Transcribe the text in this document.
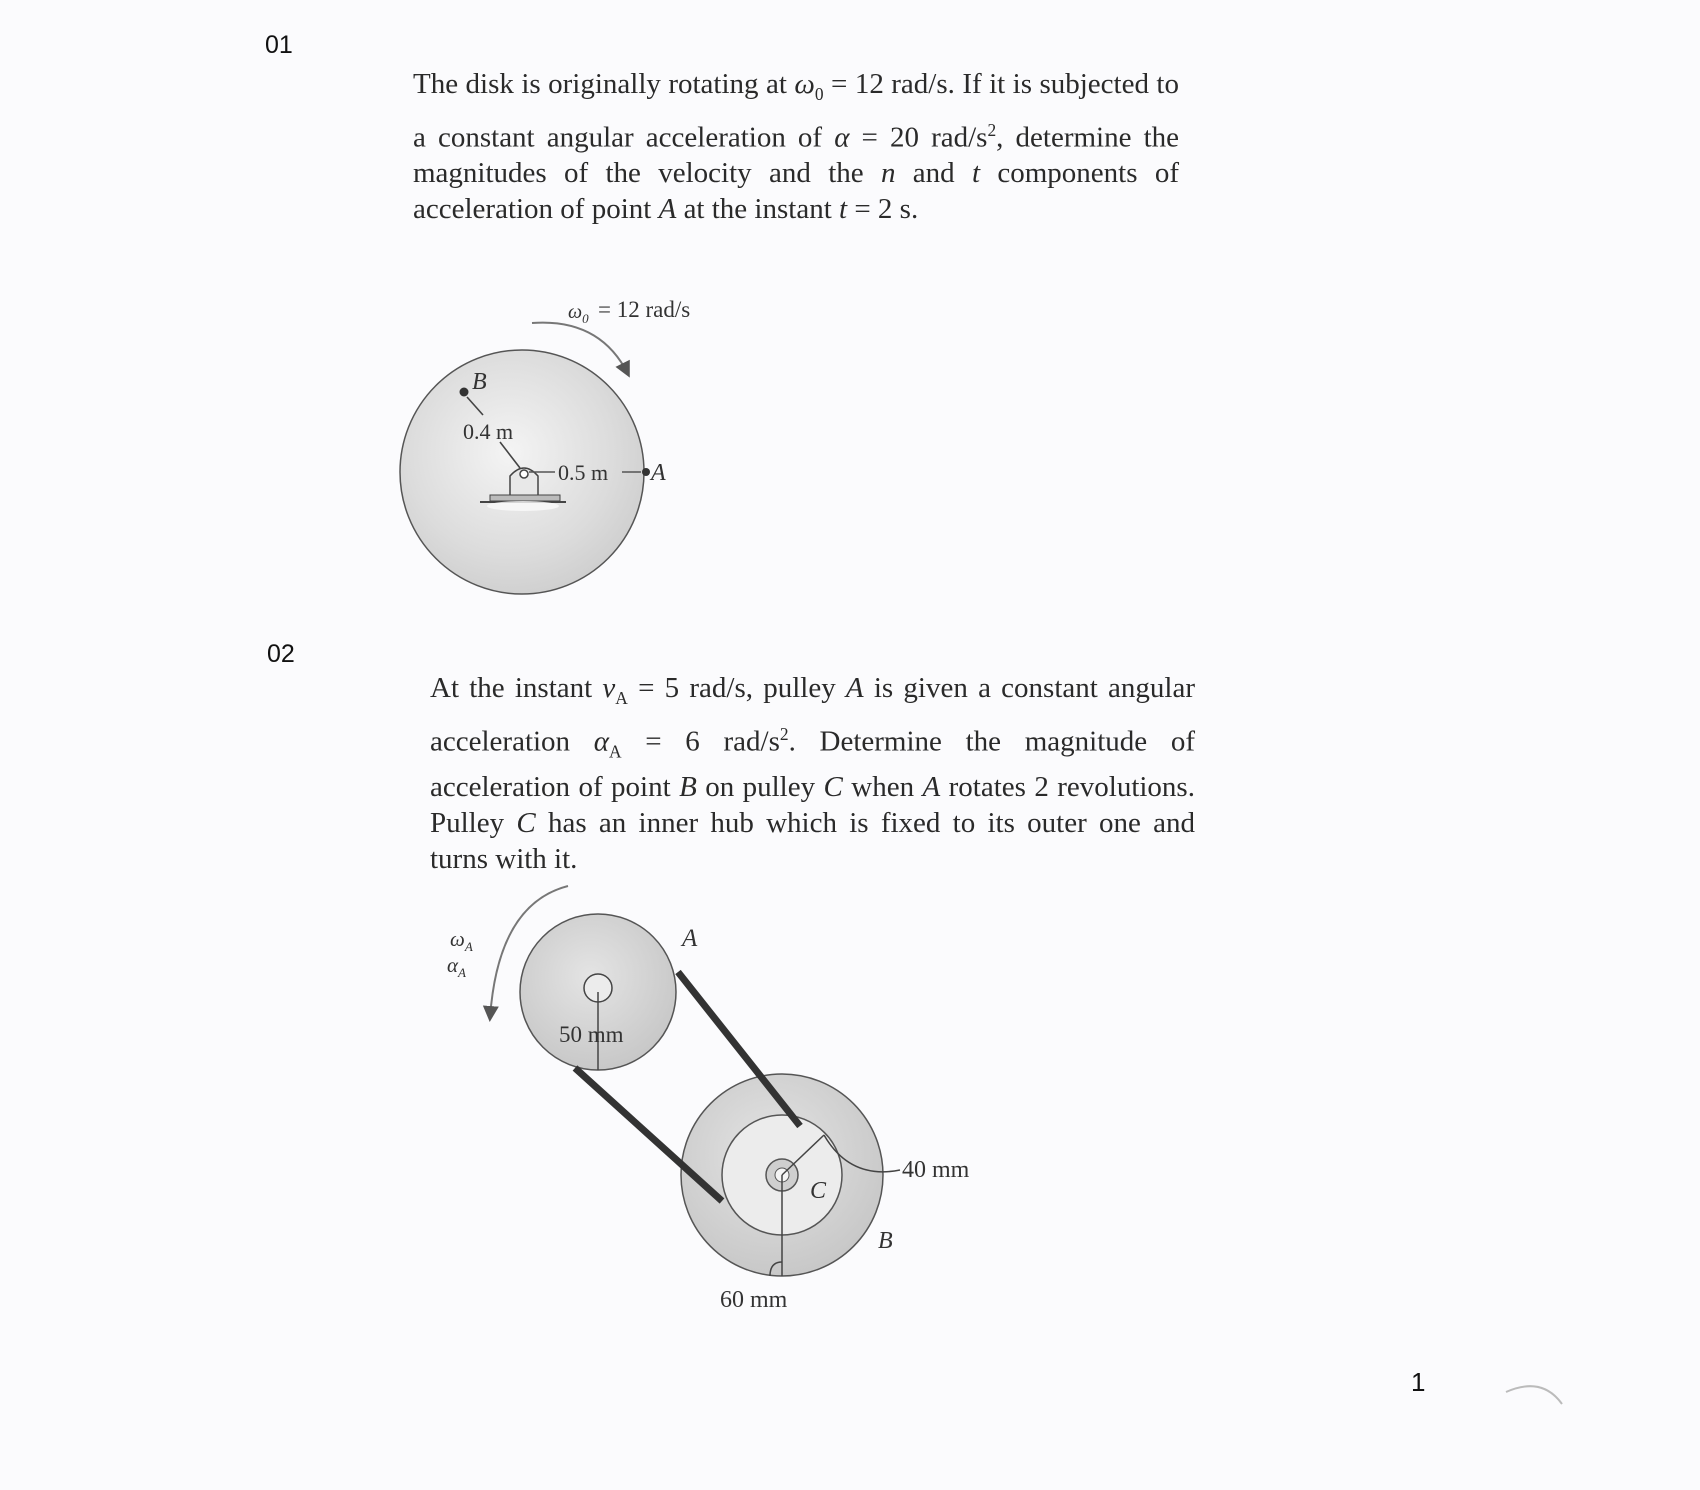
01
The disk is originally rotating at $\omega_0 = 12$ rad/s. If it is subjected to a constant angular acceleration of α = 20 rad/$s^2$, determine the magnitudes of the velocity and the n and t components of acceleration of point A at the instant t = 2 s.
$\omega_0 = 12$ rad/s
B
0.4 m
0.5 m A
$\omega_A$
$\alpha_A$
A
50 mm
C
40 mm
60 mm
B
02
At the instant $v_A = 5$ rad/s, pulley A is given a constant angular acceleration $\alpha_A = 6$ rad/$s^2$. Determine the magnitude of acceleration of point B on pulley C when A rotates 2 revolutions. Pulley C has an inner hub which is fixed to its outer one and turns with it.
1
